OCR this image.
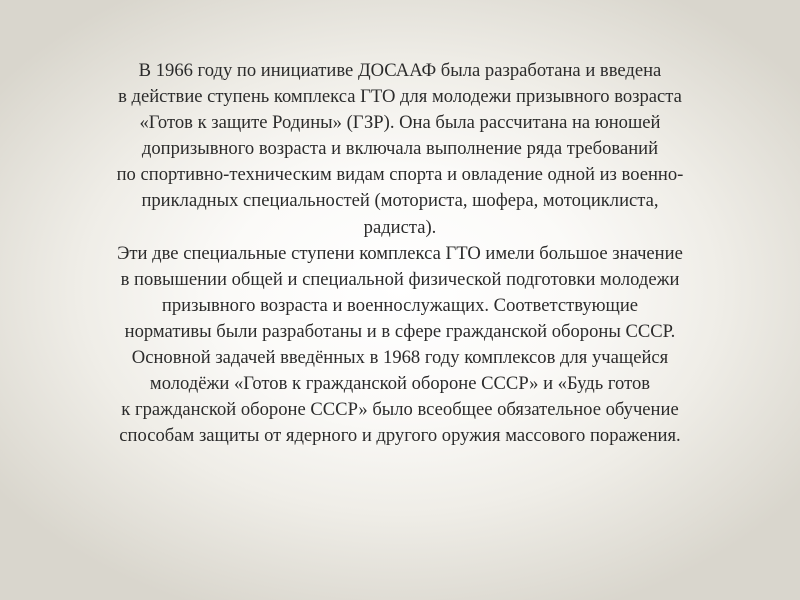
В 1966 году по инициативе ДОСААФ была разработана и введена
в действие ступень комплекса ГТО для молодежи призывного возраста
«Готов к защите Родины» (ГЗР). Она была рассчитана на юношей
допризывного возраста и включала выполнение ряда требований
по спортивно-техническим видам спорта и овладение одной из военно-
прикладных специальностей (моториста, шофера, мотоциклиста,
радиста).
Эти две специальные ступени комплекса ГТО имели большое значение
в повышении общей и специальной физической подготовки молодежи
призывного возраста и военнослужащих. Соответствующие
нормативы были разработаны и в сфере гражданской обороны СССР.
Основной задачей введённых в 1968 году комплексов для учащейся
молодёжи «Готов к гражданской обороне СССР» и «Будь готов
к гражданской обороне СССР» было всеобщее обязательное обучение
способам защиты от ядерного и другого оружия массового поражения.
